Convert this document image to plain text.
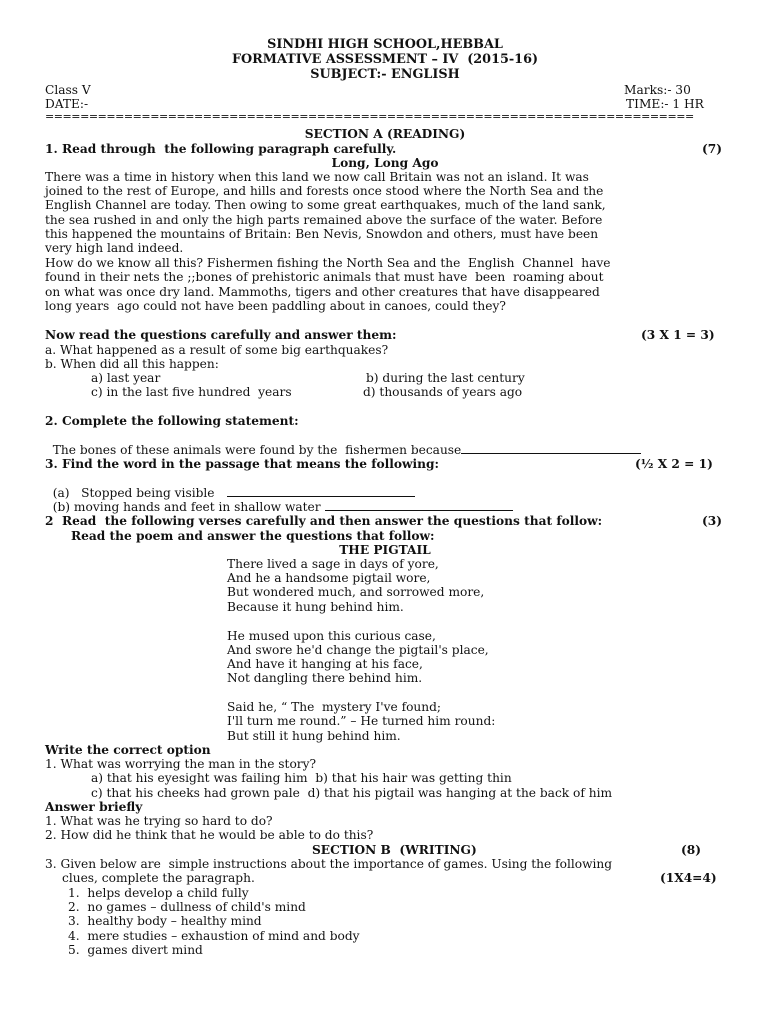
SINDHI HIGH SCHOOL,HEBBAL
FORMATIVE ASSESSMENT – IV  (2015-16)
SUBJECT:- ENGLISH
Class V	Marks:- 30
DATE:-	TIME:- 1 HR
==========================================================================
SECTION A (READING)
1. Read through  the following paragraph carefully.	(7)
Long, Long Ago
There was a time in history when this land we now call Britain was not an island. It was
joined to the rest of Europe, and hills and forests once stood where the North Sea and the
English Channel are today. Then owing to some great earthquakes, much of the land sank,
the sea rushed in and only the high parts remained above the surface of the water. Before
this happened the mountains of Britain: Ben Nevis, Snowdon and others, must have been
very high land indeed.
How do we know all this? Fishermen fishing the North Sea and the  English  Channel  have
found in their nets the ;;bones of prehistoric animals that must have  been  roaming about
on what was once dry land. Mammoths, tigers and other creatures that have disappeared
long years  ago could not have been paddling about in canoes, could they?
Now read the questions carefully and answer them:	(3 X 1 = 3)
a. What happened as a result of some big earthquakes?
b. When did all this happen:
a) last year	b) during the last century
c) in the last five hundred  years	d) thousands of years ago
2. Complete the following statement:

The bones of these animals were found by the  fishermen because

3. Find the word in the passage that means the following:	(½ X 2 = 1)

(a)   Stopped being visible

(b) moving hands and feet in shallow water

2  Read  the following verses carefully and then answer the questions that follow:	(3)
Read the poem and answer the questions that follow:
THE PIGTAIL
There lived a sage in days of yore,
And he a handsome pigtail wore,
But wondered much, and sorrowed more,
Because it hung behind him.
He mused upon this curious case,
And swore he'd change the pigtail's place,
And have it hanging at his face,
Not dangling there behind him.
Said he, “ The  mystery I've found;
I'll turn me round.” – He turned him round:
But still it hung behind him.
Write the correct option
1. What was worrying the man in the story?
a) that his eyesight was failing him  b) that his hair was getting thin
c) that his cheeks had grown pale  d) that his pigtail was hanging at the back of him
Answer briefly
1. What was he trying so hard to do?
2. How did he think that he would be able to do this?
SECTION B  (WRITING)	(8)
3. Given below are  simple instructions about the importance of games. Using the following
clues, complete the paragraph.	(1X4=4)
1.  helps develop a child fully
2.  no games – dullness of child's mind
3.  healthy body – healthy mind
4.  mere studies – exhaustion of mind and body
5.  games divert mind
